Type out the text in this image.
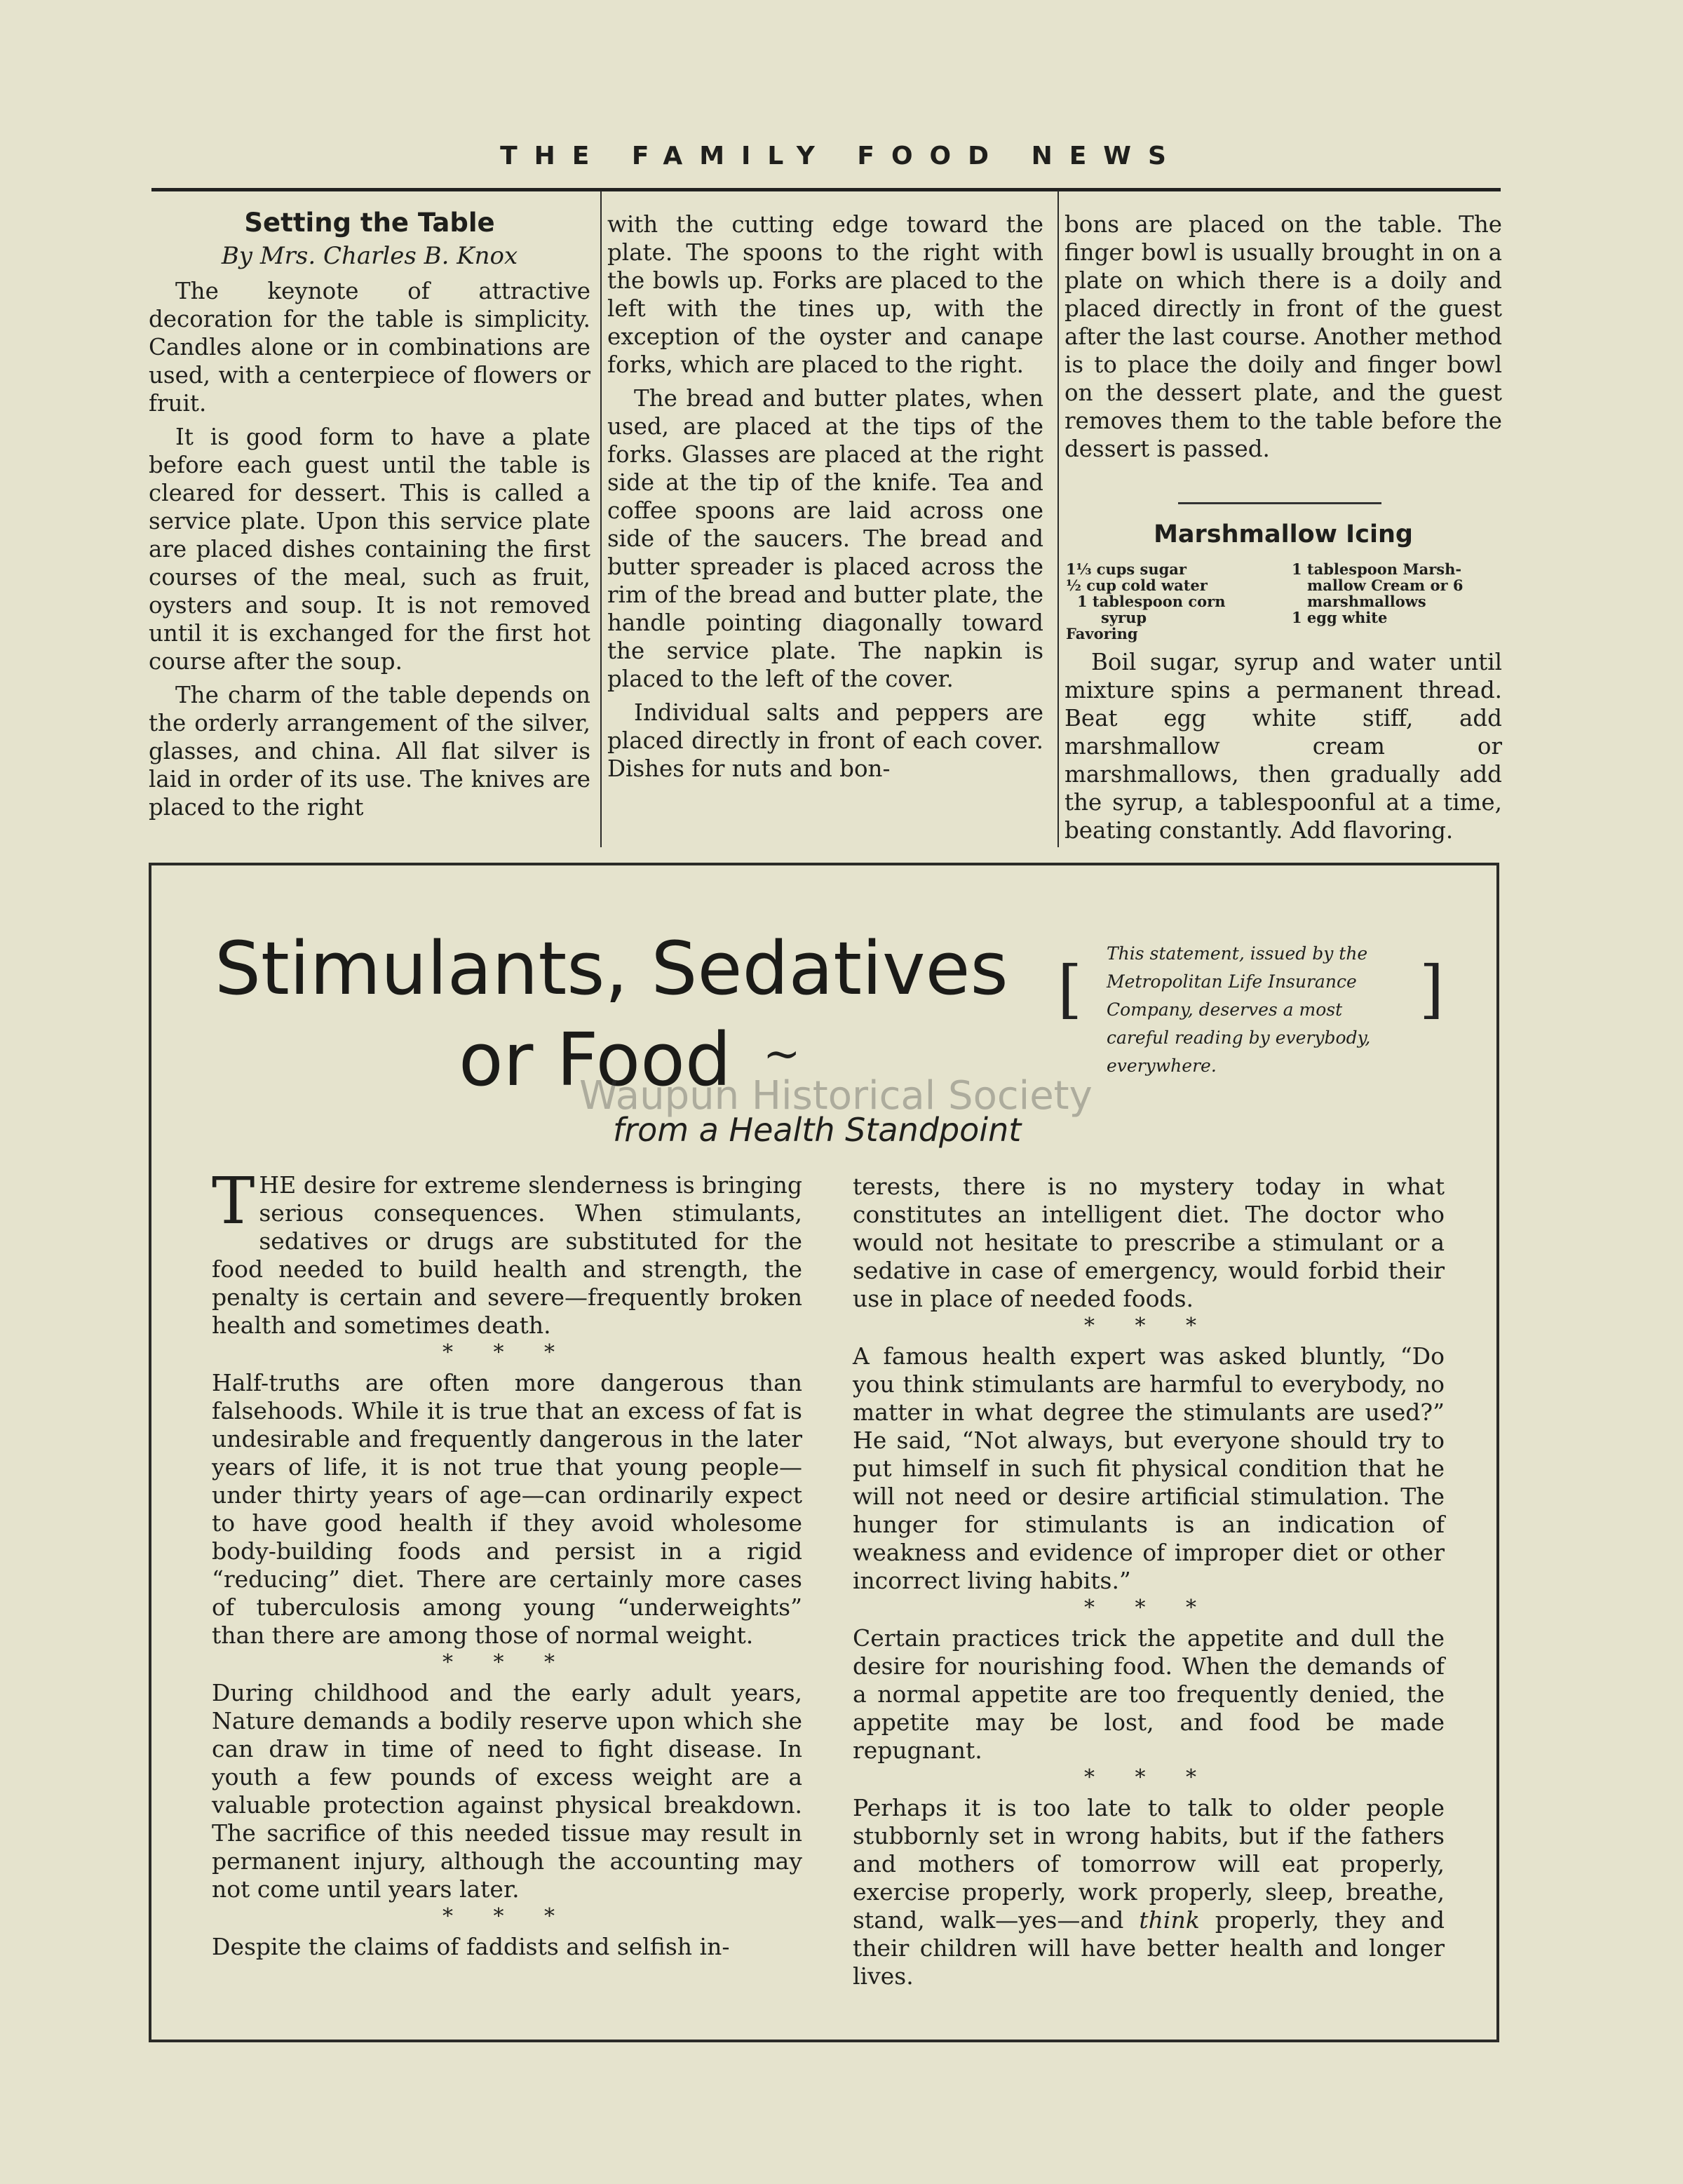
THE FAMILY FOOD NEWS
Setting the Table
By Mrs. Charles B. Knox

The keynote of attractive decoration for the table is simplicity. Candles alone or in combinations are used, with a centerpiece of flowers or fruit.

It is good form to have a plate before each guest until the table is cleared for dessert. This is called a service plate. Upon this service plate are placed dishes containing the first courses of the meal, such as fruit, oysters and soup. It is not removed until it is exchanged for the first hot course after the soup.

The charm of the table depends on the orderly arrangement of the silver, glasses, and china. All flat silver is laid in order of its use. The knives are placed to the right

with the cutting edge toward the plate. The spoons to the right with the bowls up. Forks are placed to the left with the tines up, with the exception of the oyster and canape forks, which are placed to the right.

The bread and butter plates, when used, are placed at the tips of the forks. Glasses are placed at the right side at the tip of the knife. Tea and coffee spoons are laid across one side of the saucers. The bread and butter spreader is placed across the rim of the bread and butter plate, the handle pointing diagonally toward the service plate. The napkin is placed to the left of the cover.

Individual salts and peppers are placed directly in front of each cover. Dishes for nuts and bon-

bons are placed on the table. The finger bowl is usually brought in on a plate on which there is a doily and placed directly in front of the guest after the last course. Another method is to place the doily and finger bowl on the dessert plate, and the guest removes them to the table before the dessert is passed.

Marshmallow Icing
1⅓ cups sugar
½ cup cold water
1 tablespoon corn
syrup
Favoring
1 tablespoon Marsh-
mallow Cream or 6
marshmallows
1 egg white

Boil sugar, syrup and water until mixture spins a permanent thread. Beat egg white stiff, add marshmallow cream or marshmallows, then gradually add the syrup, a tablespoonful at a time, beating constantly. Add flavoring.

Stimulants, Sedatives
or Food ~
from a Health Standpoint
[ This statement, issued by the Metropolitan Life Insurance Company, deserves a most careful reading by everybody, everywhere.
]
Waupun Historical Society

THE desire for extreme slenderness is bringing serious consequences. When stimulants, sedatives or drugs are substituted for the food needed to build health and strength, the penalty is certain and severe—frequently broken health and sometimes death.

* * *

Half-truths are often more dangerous than falsehoods. While it is true that an excess of fat is undesirable and frequently dangerous in the later years of life, it is not true that young people—under thirty years of age—can ordinarily expect to have good health if they avoid wholesome body-building foods and persist in a rigid “reducing” diet. There are certainly more cases of tuberculosis among young “underweights” than there are among those of normal weight.

* * *

During childhood and the early adult years, Nature demands a bodily reserve upon which she can draw in time of need to fight disease. In youth a few pounds of excess weight are a valuable protection against physical breakdown. The sacrifice of this needed tissue may result in permanent injury, although the accounting may not come until years later.

* * *

Despite the claims of faddists and selfish in-

terests, there is no mystery today in what constitutes an intelligent diet. The doctor who would not hesitate to prescribe a stimulant or a sedative in case of emergency, would forbid their use in place of needed foods.

* * *

A famous health expert was asked bluntly, “Do you think stimulants are harmful to everybody, no matter in what degree the stimulants are used?” He said, “Not always, but everyone should try to put himself in such fit physical condition that he will not need or desire artificial stimulation. The hunger for stimulants is an indication of weakness and evidence of improper diet or other incorrect living habits.”

* * *

Certain practices trick the appetite and dull the desire for nourishing food. When the demands of a normal appetite are too frequently denied, the appetite may be lost, and food be made repugnant.

* * *

Perhaps it is too late to talk to older people stubbornly set in wrong habits, but if the fathers and mothers of tomorrow will eat properly, exercise properly, work properly, sleep, breathe, stand, walk—yes—and think properly, they and their children will have better health and longer lives.
